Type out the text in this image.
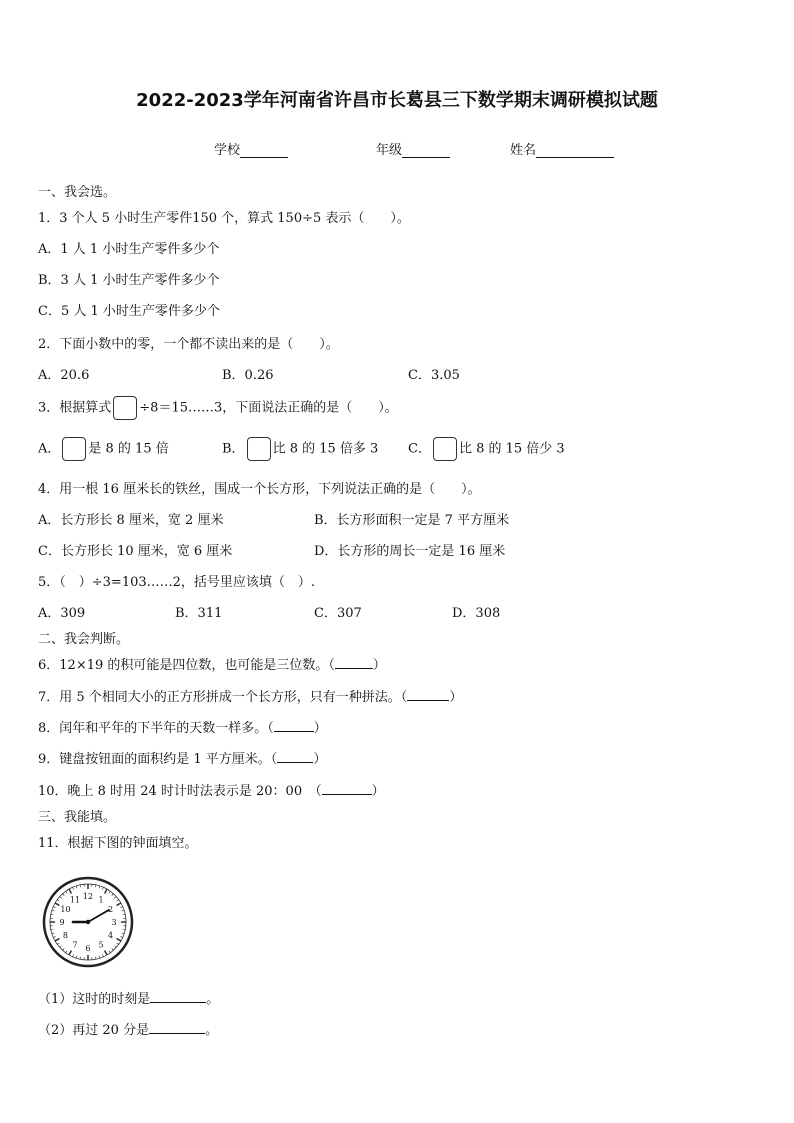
2022-2023学年河南省许昌市长葛县三下数学期末调研模拟试题
学校	年级	姓名
一、我会选。
1．3 个人 5 小时生产零件150 个，算式 150÷5 表示（　　）。
A．1 人 1 小时生产零件多少个
B．3 人 1 小时生产零件多少个
C．5 人 1 小时生产零件多少个
2．下面小数中的零，一个都不读出来的是（　　）。
A．20.6	B．0.26	C．3.05
3．根据算式 ÷8＝15……3，下面说法正确的是（　　）。
A． 是 8 的 15 倍	B． 比 8 的 15 倍多 3 C． 比 8 的 15 倍少 3
4．用一根 16 厘米长的铁丝，围成一个长方形，下列说法正确的是（　　）。
A．长方形长 8 厘米，宽 2 厘米	B．长方形面积一定是 7 平方厘米
C．长方形长 10 厘米，宽 6 厘米	D．长方形的周长一定是 16 厘米
5．（　）÷3=103……2，括号里应该填（　）.
A．309	B．311	C．307	D．308
二、我会判断。
6．12×19 的积可能是四位数，也可能是三位数。（	）
7．用 5 个相同大小的正方形拼成一个长方形，只有一种拼法。（	）
8．闰年和平年的下半年的天数一样多。（	）
9．键盘按钮面的面积约是 1 平方厘米。（	）
10．晚上 8 时用 24 时计时法表示是 20：00　（	）
三、我能填。
11．根据下图的钟面填空。
12 1
2
3
4
5
6
7
8
9
10
11
（1）这时的时刻是	。
（2）再过 20 分是	。
